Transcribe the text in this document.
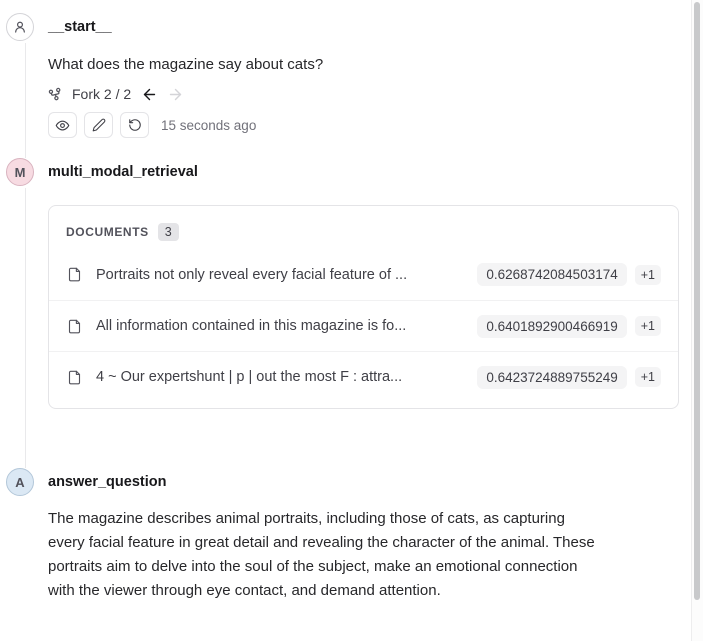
__start__

What does the magazine say about cats?

Fork 2 / 2
15 seconds ago
M	multi_modal_retrieval
DOCUMENTS	3
Portraits not only reveal every facial feature of ...	0.6268742084503174	+1
All information contained in this magazine is fo...	0.6401892900466919	+1
4 ~ Our expertshunt | p | out the most F : attra...	0.6423724889755249	+1
A	answer_question
The magazine describes animal portraits, including those of cats, as capturing
every facial feature in great detail and revealing the character of the animal. These
portraits aim to delve into the soul of the subject, make an emotional connection
with the viewer through eye contact, and demand attention.
